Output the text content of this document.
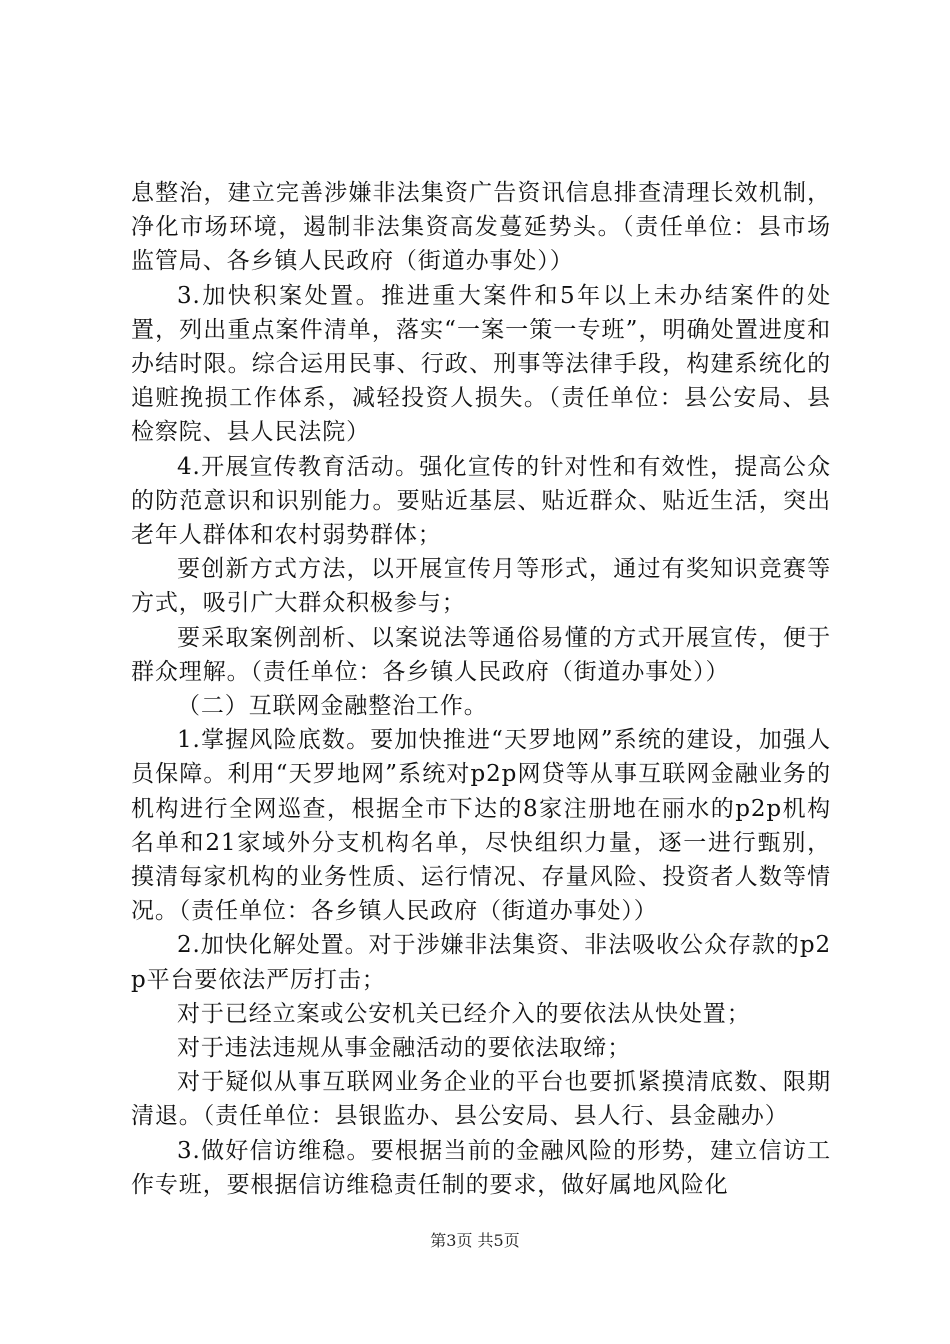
息整治，建立完善涉嫌非法集资广告资讯信息排查清理长效机制，净化市场环境，遏制非法集资高发蔓延势头。（责任单位：县市场监管局、各乡镇人民政府（街道办事处））

3.加快积案处置。推进重大案件和5年以上未办结案件的处置，列出重点案件清单，落实“一案一策一专班”，明确处置进度和办结时限。综合运用民事、行政、刑事等法律手段，构建系统化的追赃挽损工作体系，减轻投资人损失。（责任单位：县公安局、县检察院、县人民法院）

4.开展宣传教育活动。强化宣传的针对性和有效性，提高公众的防范意识和识别能力。要贴近基层、贴近群众、贴近生活，突出老年人群体和农村弱势群体；

要创新方式方法，以开展宣传月等形式，通过有奖知识竞赛等方式，吸引广大群众积极参与；

要采取案例剖析、以案说法等通俗易懂的方式开展宣传，便于群众理解。（责任单位：各乡镇人民政府（街道办事处））

（二）互联网金融整治工作。

1.掌握风险底数。要加快推进“天罗地网”系统的建设，加强人员保障。利用“天罗地网”系统对p2p网贷等从事互联网金融业务的机构进行全网巡查，根据全市下达的8家注册地在丽水的p2p机构名单和21家域外分支机构名单，尽快组织力量，逐一进行甄别，摸清每家机构的业务性质、运行情况、存量风险、投资者人数等情况。（责任单位：各乡镇人民政府（街道办事处））

2.加快化解处置。对于涉嫌非法集资、非法吸收公众存款的p2p平台要依法严厉打击；

对于已经立案或公安机关已经介入的要依法从快处置；

对于违法违规从事金融活动的要依法取缔；

对于疑似从事互联网业务企业的平台也要抓紧摸清底数、限期清退。（责任单位：县银监办、县公安局、县人行、县金融办）

3.做好信访维稳。要根据当前的金融风险的形势，建立信访工作专班，要根据信访维稳责任制的要求，做好属地风险化

第3页 共5页
